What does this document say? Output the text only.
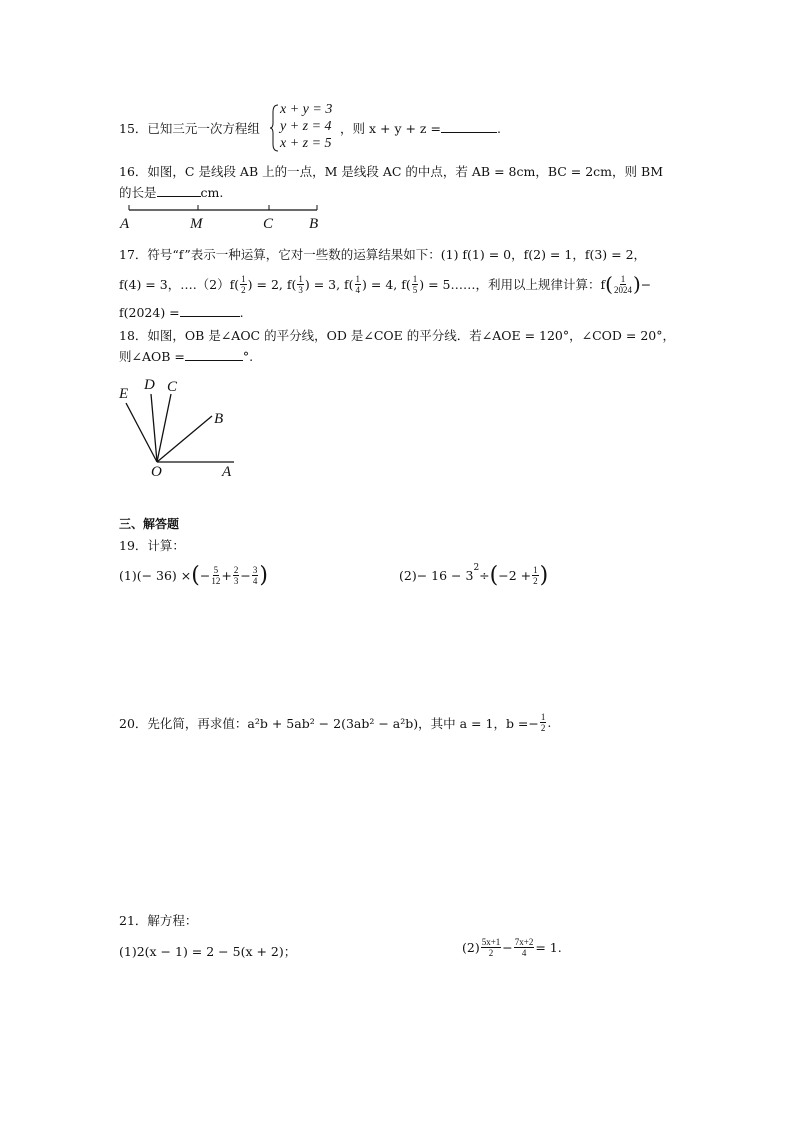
15．已知三元一次方程组
x + y = 3
y + z = 4
x + z = 5
，则 x + y + z =	.
16．如图，C 是线段 AB 上的一点，M 是线段 AC 的中点，若 AB = 8cm，BC = 2cm，则 BM
的长是	cm.
A	M	C B
17．符号“f”表示一种运算，它对一些数的运算结果如下：(1) f(1) = 0，f(2) = 1，f(3) = 2，
f(4) = 3，….（2）f( $\frac{1}{2}$ ) = 2, $f( \frac{1}{3}$ ) = 3, $f( \frac{1}{4}$ ) = 4, $f( \frac{1}{5}$ ) = 5……，利用以上规律计算：f ( $\frac{1}{2024}$ ) −
f(2024) =	.
18．如图，OB 是∠AOC 的平分线，OD 是∠COE 的平分线．若∠AOE = 120°，∠COD = 20°，
则∠AOB =	°.
E
D C
B
O	A
三、解答题
19．计算：
(1)(− 36) × ( − $\frac{5}{12} + \frac{2}{3} - \frac{3}{4}$ )	$(2)- 16 - 3^2$ ÷ ( $-2 + \frac{1}{2}$ )
20．先化简，再求值：a²b + 5ab² − 2(3ab² − a²b)，其中 a = 1，$b =- \frac{1}{2}$ .
21．解方程：
(1)2(x − 1) = 2 − 5(x + 2)；	$(2) \frac{5x+1}{2} - \frac{7x+2}{4} = 1$.
